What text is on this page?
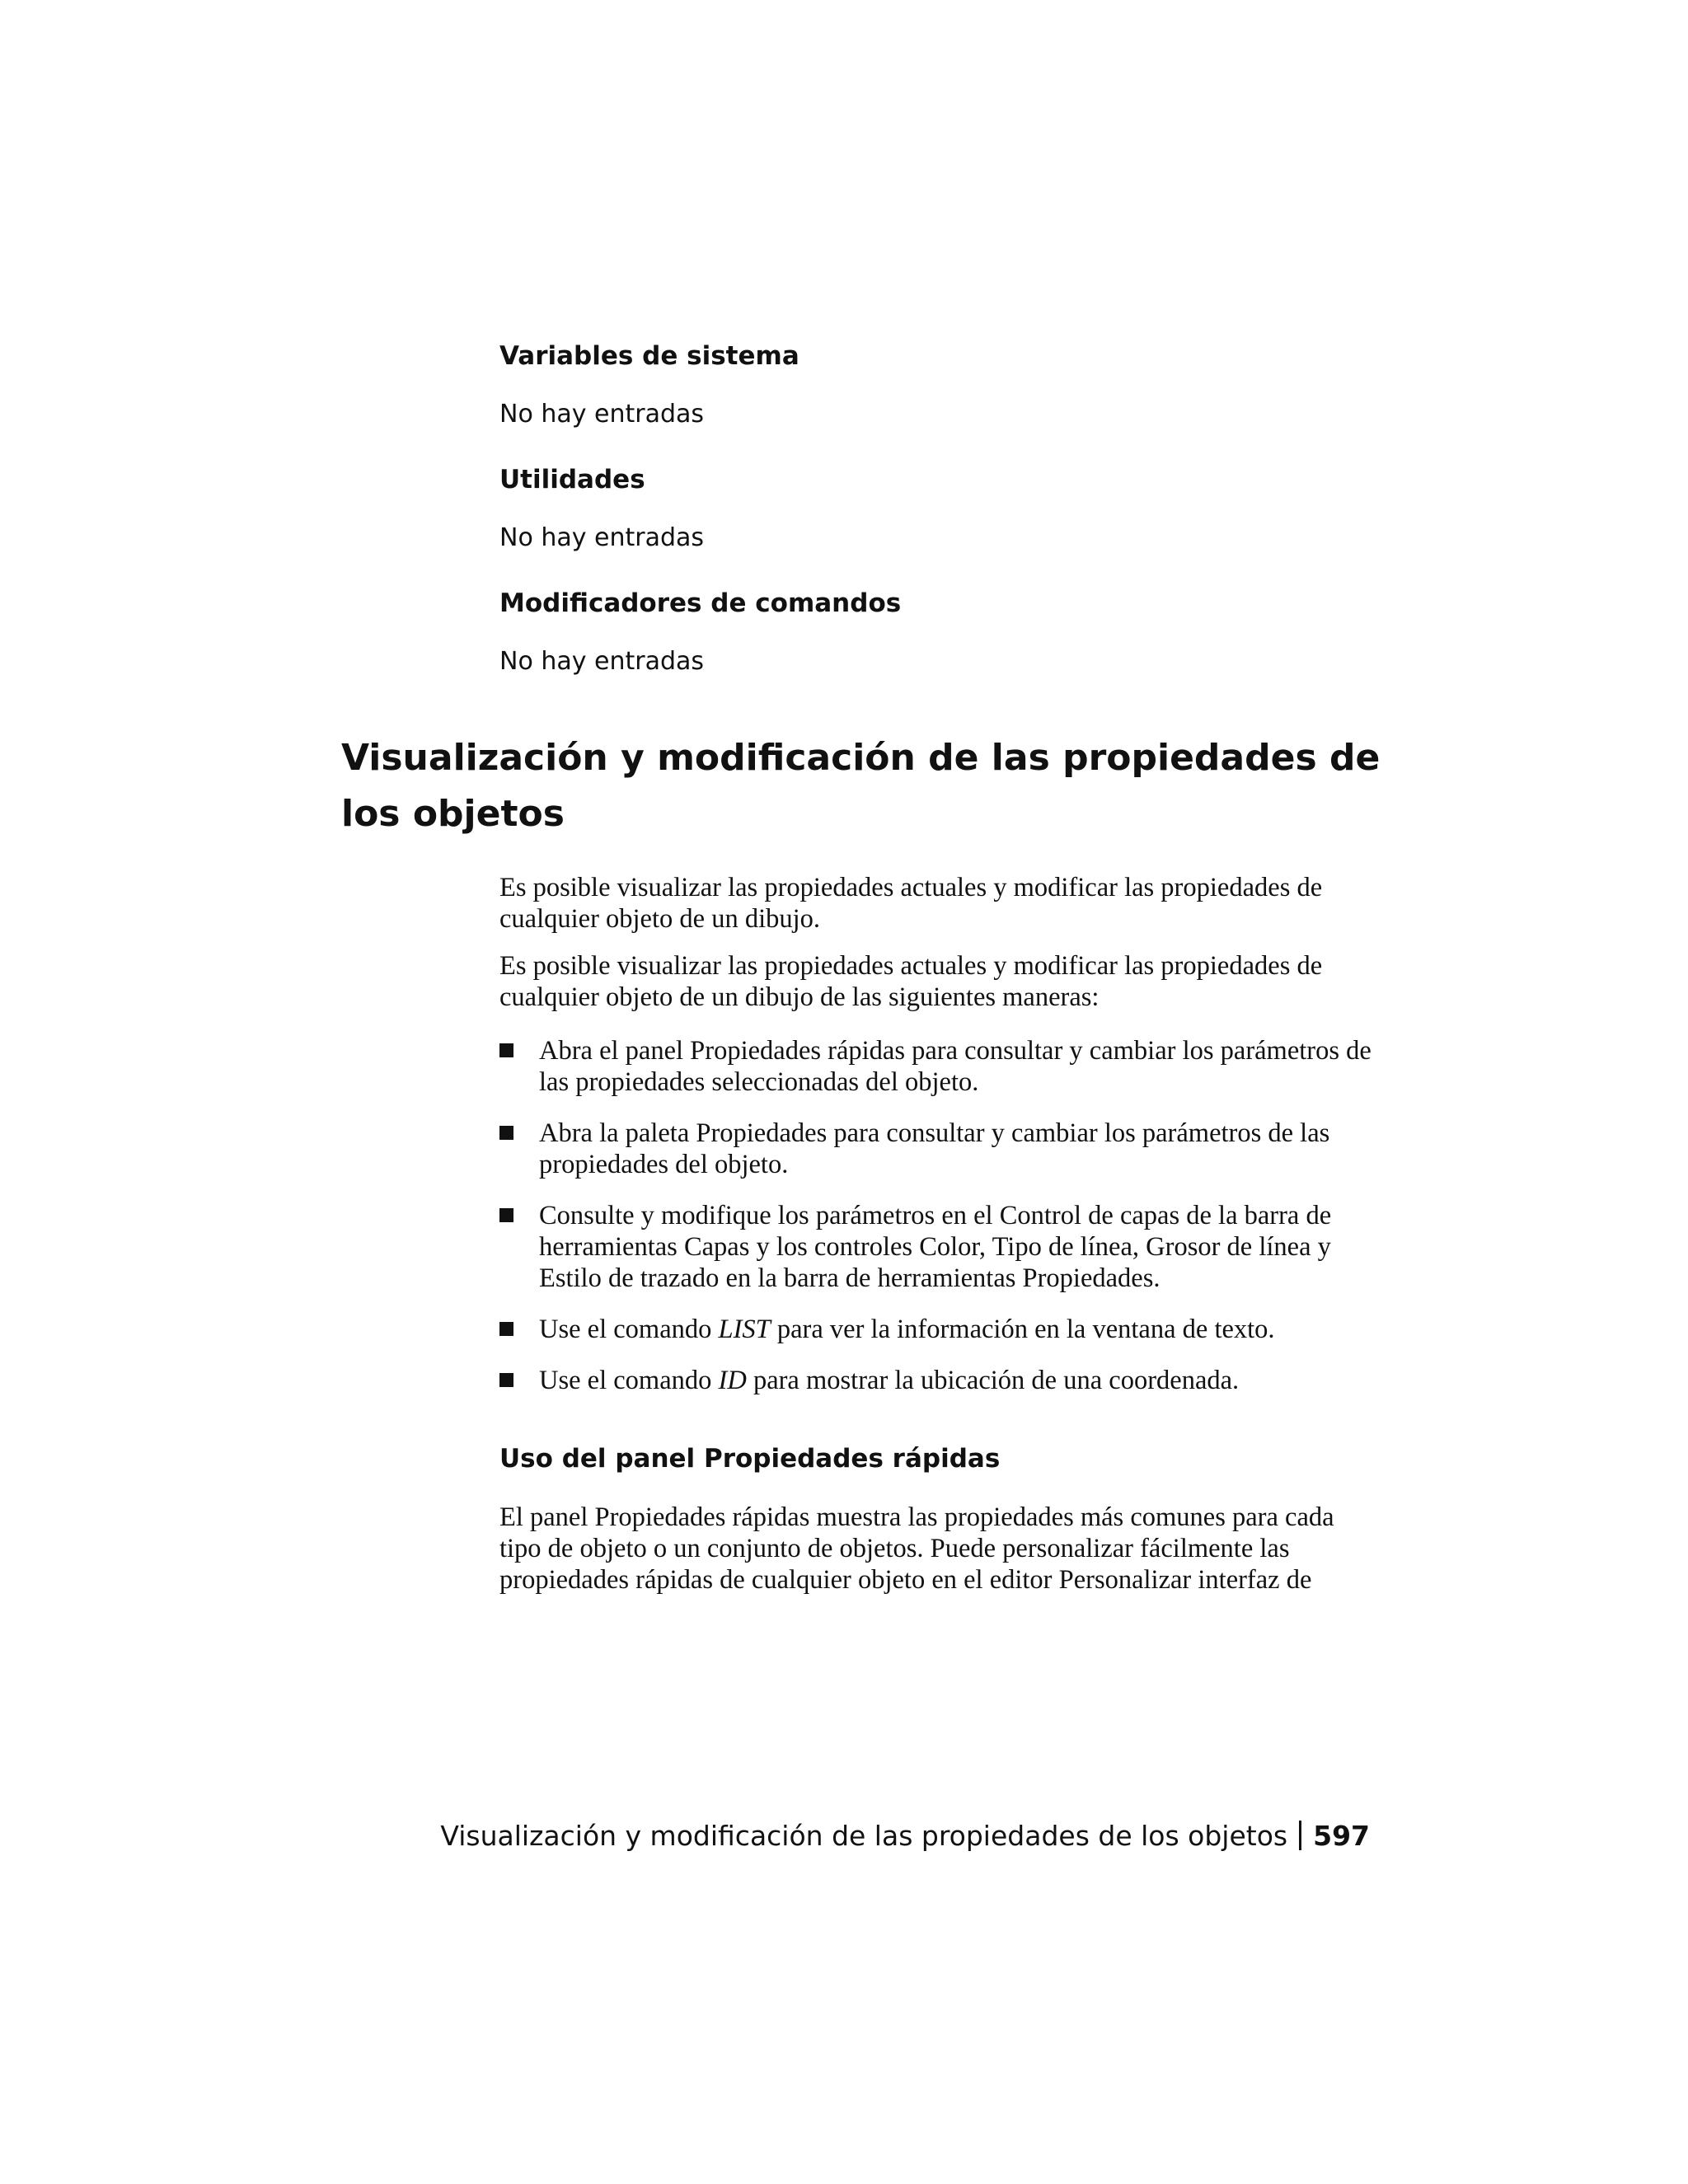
Variables de sistema

No hay entradas

Utilidades

No hay entradas

Modificadores de comandos

No hay entradas

Visualización y modificación de las propiedades de los objetos

Es posible visualizar las propiedades actuales y modificar las propiedades de cualquier objeto de un dibujo.

Es posible visualizar las propiedades actuales y modificar las propiedades de cualquier objeto de un dibujo de las siguientes maneras:

Abra el panel Propiedades rápidas para consultar y cambiar los parámetros de las propiedades seleccionadas del objeto.
Abra la paleta Propiedades para consultar y cambiar los parámetros de las propiedades del objeto.
Consulte y modifique los parámetros en el Control de capas de la barra de herramientas Capas y los controles Color, Tipo de línea, Grosor de línea y Estilo de trazado en la barra de herramientas Propiedades.
Use el comando LIST para ver la información en la ventana de texto.
Use el comando ID para mostrar la ubicación de una coordenada.
Uso del panel Propiedades rápidas

El panel Propiedades rápidas muestra las propiedades más comunes para cada tipo de objeto o un conjunto de objetos. Puede personalizar fácilmente las propiedades rápidas de cualquier objeto en el editor Personalizar interfaz de

Visualización y modificación de las propiedades de los objetos 597
